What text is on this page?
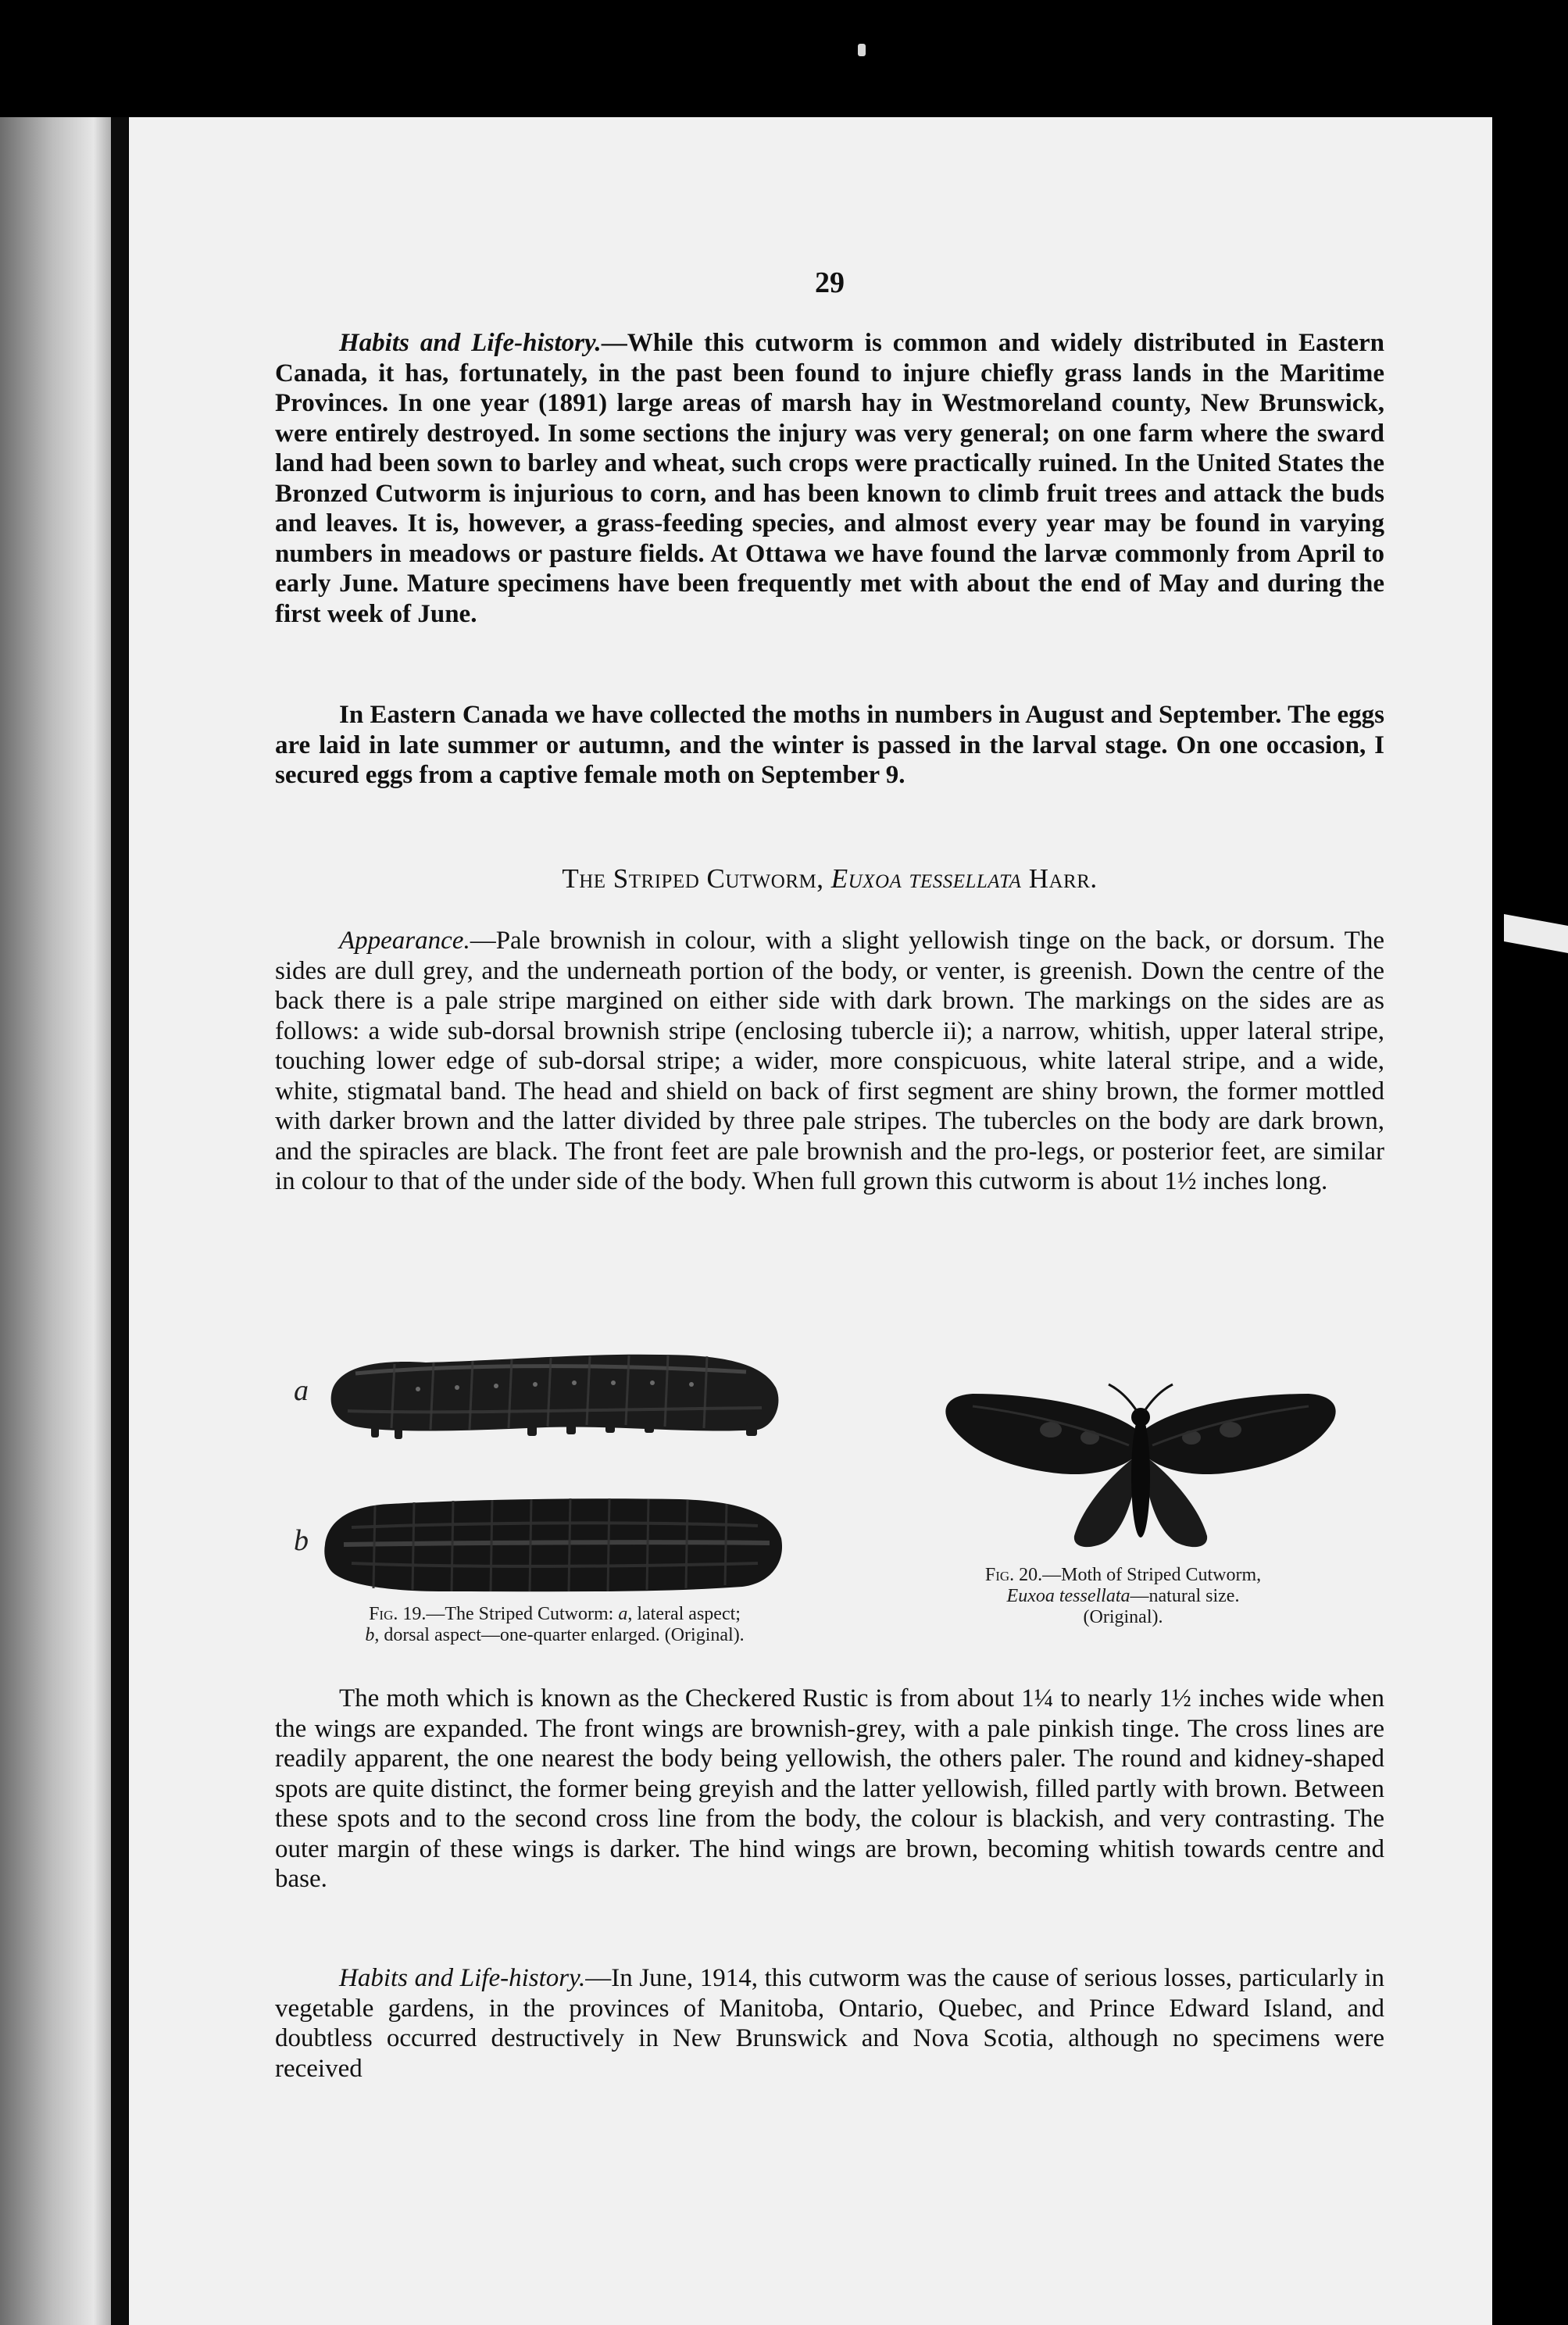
29

Habits and Life-history.—While this cutworm is common and widely distributed in Eastern Canada, it has, fortunately, in the past been found to injure chiefly grass lands in the Maritime Provinces. In one year (1891) large areas of marsh hay in Westmoreland county, New Brunswick, were entirely destroyed. In some sections the injury was very general; on one farm where the sward land had been sown to barley and wheat, such crops were practically ruined. In the United States the Bronzed Cutworm is injurious to corn, and has been known to climb fruit trees and attack the buds and leaves. It is, however, a grass-feeding species, and almost every year may be found in varying numbers in meadows or pasture fields. At Ottawa we have found the larvæ commonly from April to early June. Mature specimens have been frequently met with about the end of May and during the first week of June.

In Eastern Canada we have collected the moths in numbers in August and September. The eggs are laid in late summer or autumn, and the winter is passed in the larval stage. On one occasion, I secured eggs from a captive female moth on September 9.

The Striped Cutworm, Euxoa tessellata Harr.

Appearance.—Pale brownish in colour, with a slight yellowish tinge on the back, or dorsum. The sides are dull grey, and the underneath portion of the body, or venter, is greenish. Down the centre of the back there is a pale stripe margined on either side with dark brown. The markings on the sides are as follows: a wide sub-dorsal brownish stripe (enclosing tubercle ii); a narrow, whitish, upper lateral stripe, touching lower edge of sub-dorsal stripe; a wider, more conspicuous, white lateral stripe, and a wide, white, stigmatal band. The head and shield on back of first segment are shiny brown, the former mottled with darker brown and the latter divided by three pale stripes. The tubercles on the body are dark brown, and the spiracles are black. The front feet are pale brownish and the pro-legs, or posterior feet, are similar in colour to that of the under side of the body. When full grown this cutworm is about 1½ inches long.

The moth which is known as the Checkered Rustic is from about 1¼ to nearly 1½ inches wide when the wings are expanded. The front wings are brownish-grey, with a pale pinkish tinge. The cross lines are readily apparent, the one nearest the body being yellowish, the others paler. The round and kidney-shaped spots are quite distinct, the former being greyish and the latter yellowish, filled partly with brown. Between these spots and to the second cross line from the body, the colour is blackish, and very contrasting. The outer margin of these wings is darker. The hind wings are brown, becoming whitish towards centre and base.

Habits and Life-history.—In June, 1914, this cutworm was the cause of serious losses, particularly in vegetable gardens, in the provinces of Manitoba, Ontario, Quebec, and Prince Edward Island, and doubtless occurred destructively in New Brunswick and Nova Scotia, although no specimens were received

a
b
Fig. 19.—The Striped Cutworm: a, lateral aspect;
b, dorsal aspect—one-quarter enlarged. (Original).
Fig. 20.—Moth of Striped Cutworm,
Euxoa tessellata—natural size.
(Original).
